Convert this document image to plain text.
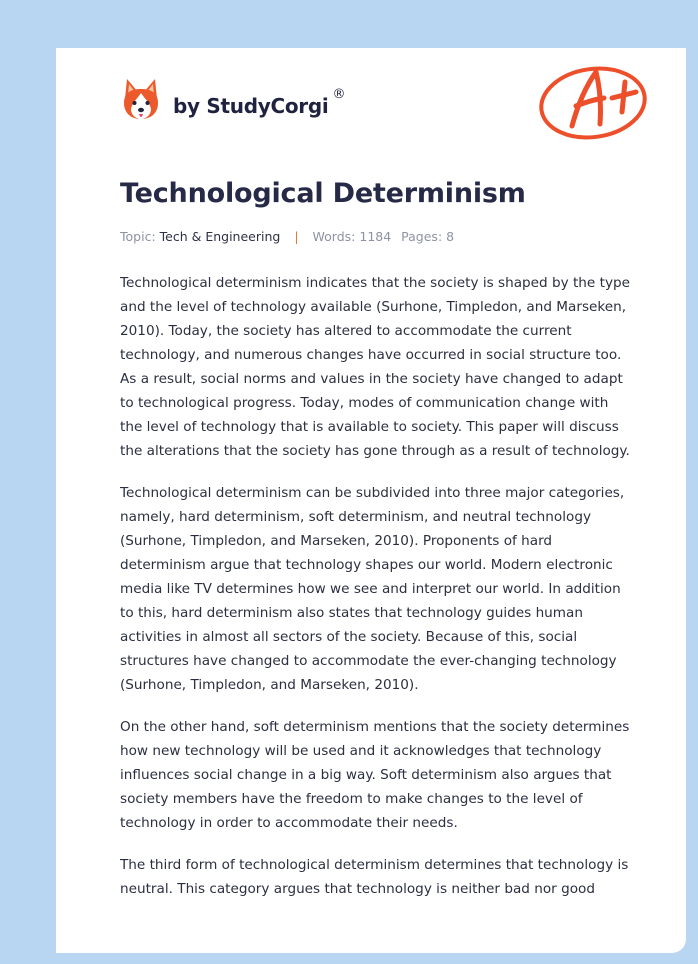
by StudyCorgi ®
Technological Determinism
Topic: Tech & Engineering | Words: 1184 Pages: 8

Technological determinism indicates that the society is shaped by the type and the level of technology available (Surhone, Timpledon, and Marseken, 2010). Today, the society has altered to accommodate the current technology, and numerous changes have occurred in social structure too. As a result, social norms and values in the society have changed to adapt to technological progress. Today, modes of communication change with the level of technology that is available to society. This paper will discuss the alterations that the society has gone through as a result of technology.

Technological determinism can be subdivided into three major categories, namely, hard determinism, soft determinism, and neutral technology (Surhone, Timpledon, and Marseken, 2010). Proponents of hard determinism argue that technology shapes our world. Modern electronic media like TV determines how we see and interpret our world. In addition to this, hard determinism also states that technology guides human activities in almost all sectors of the society. Because of this, social structures have changed to accommodate the ever-changing technology (Surhone, Timpledon, and Marseken, 2010).

On the other hand, soft determinism mentions that the society determines how new technology will be used and it acknowledges that technology influences social change in a big way. Soft determinism also argues that society members have the freedom to make changes to the level of technology in order to accommodate their needs.

The third form of technological determinism determines that technology is neutral. This category argues that technology is neither bad nor good
